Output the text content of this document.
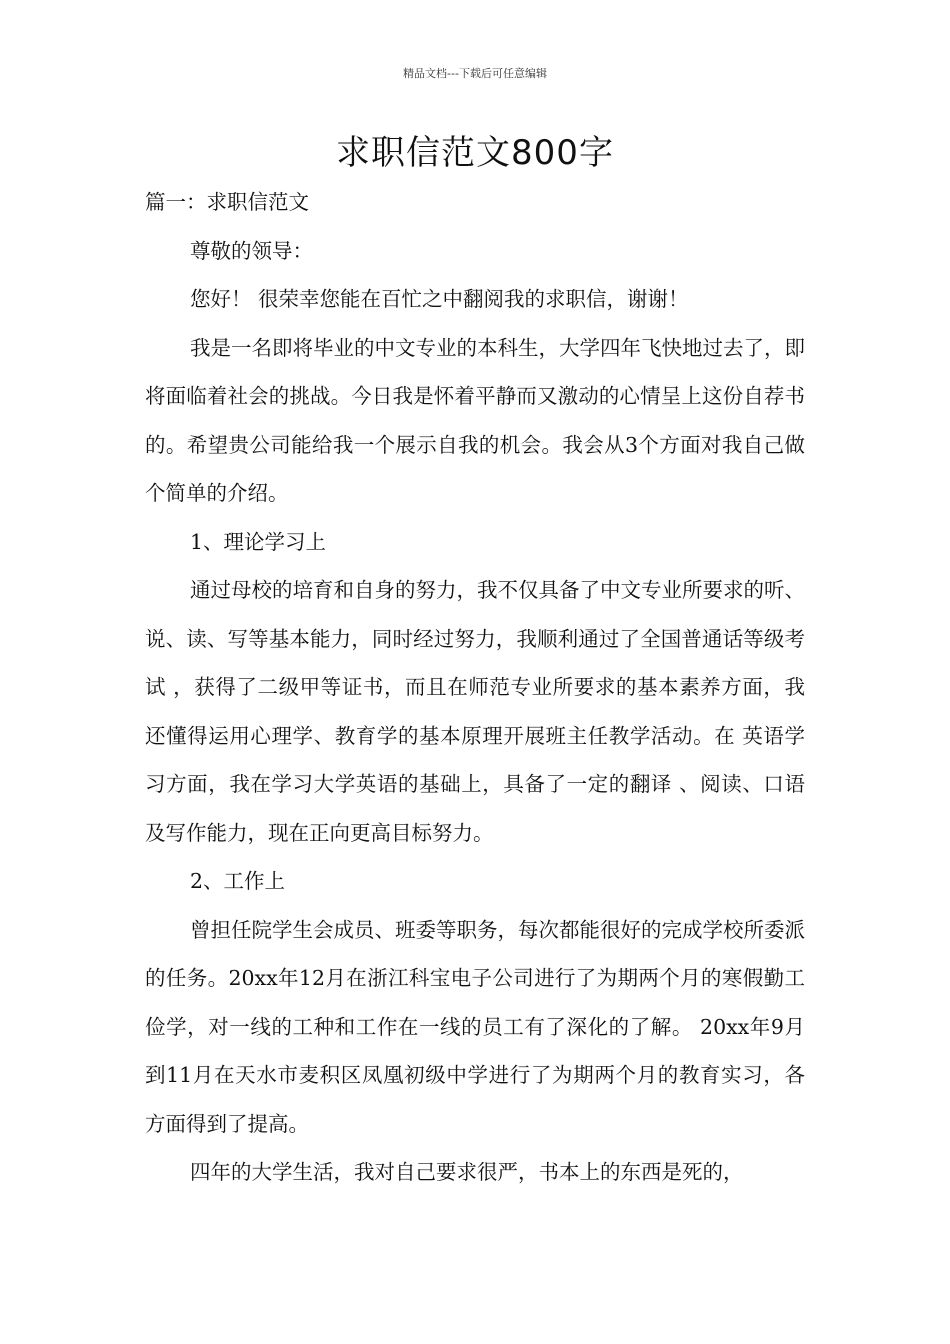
精品文档---下载后可任意编辑
求职信范文800字

篇一：求职信范文

尊敬的领导：

您好！ 很荣幸您能在百忙之中翻阅我的求职信，谢谢！

我是一名即将毕业的中文专业的本科生，大学四年飞快地过去了，即将面临着社会的挑战。今日我是怀着平静而又激动的心情呈上这份自荐书的。希望贵公司能给我一个展示自我的机会。我会从3个方面对我自己做个简单的介绍。

1、理论学习上

通过母校的培育和自身的努力，我不仅具备了中文专业所要求的听、说、读、写等基本能力，同时经过努力，我顺利通过了全国普通话等级考试 ，获得了二级甲等证书，而且在师范专业所要求的基本素养方面，我还懂得运用心理学、教育学的基本原理开展班主任教学活动。在 英语学习方面，我在学习大学英语的基础上，具备了一定的翻译 、阅读、口语及写作能力，现在正向更高目标努力。

2、工作上

曾担任院学生会成员、班委等职务，每次都能很好的完成学校所委派的任务。20xx年12月在浙江科宝电子公司进行了为期两个月的寒假勤工俭学，对一线的工种和工作在一线的员工有了深化的了解。 20xx年9月到11月在天水市麦积区凤凰初级中学进行了为期两个月的教育实习，各方面得到了提高。

四年的大学生活，我对自己要求很严，书本上的东西是死的，
